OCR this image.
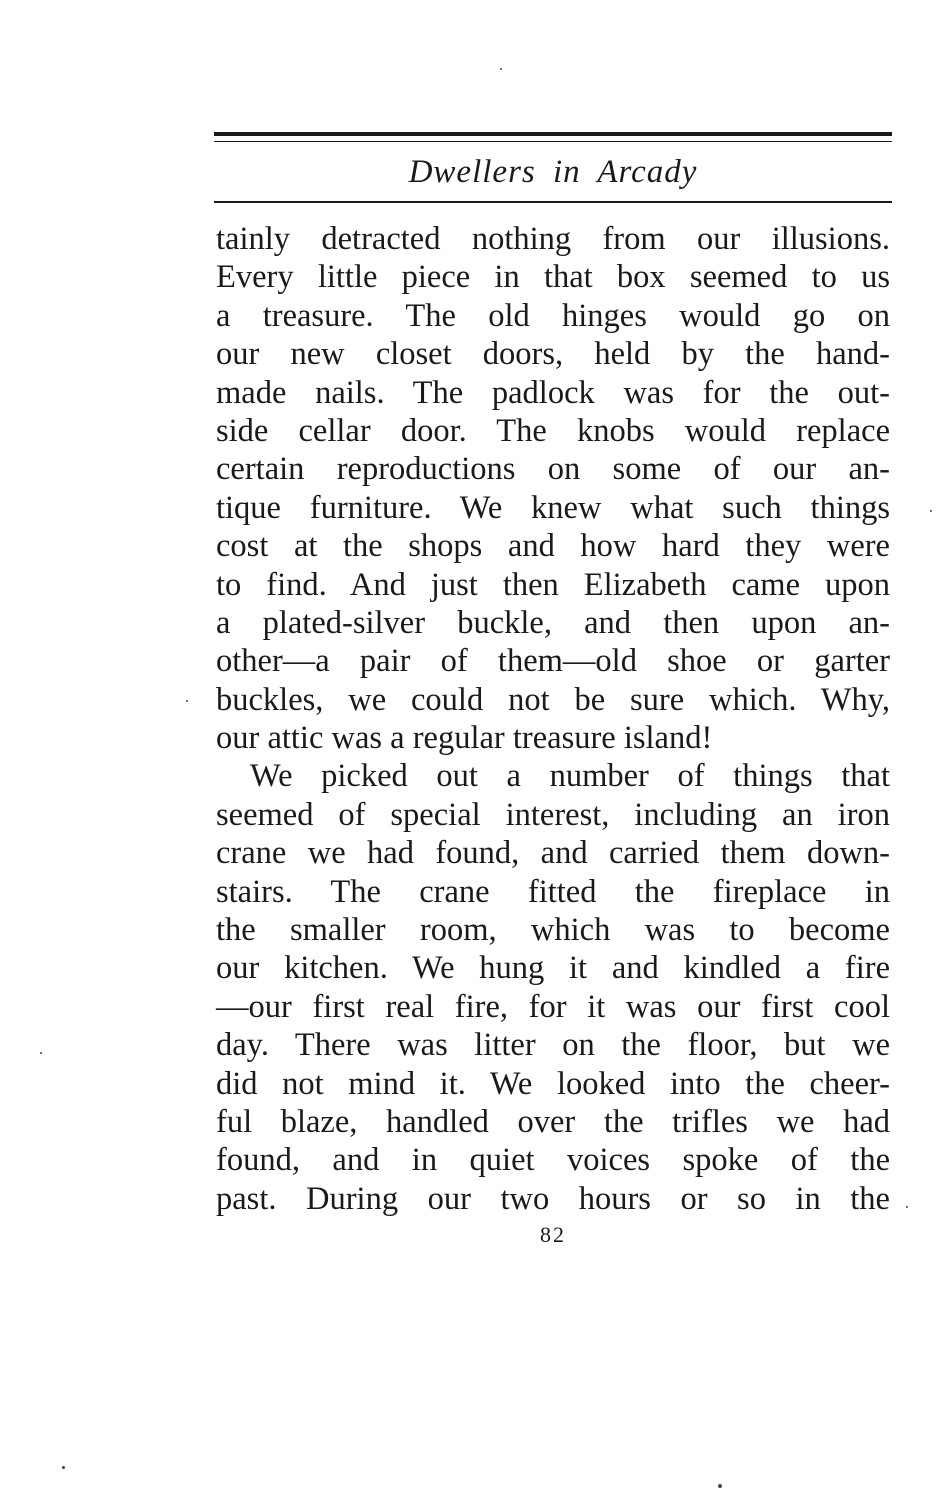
Dwellers in Arcady
tainly detracted nothing from our illusions.
Every little piece in that box seemed to us
a treasure. The old hinges would go on
our new closet doors, held by the hand-
made nails. The padlock was for the out-
side cellar door. The knobs would replace
certain reproductions on some of our an-
tique furniture. We knew what such things
cost at the shops and how hard they were
to find. And just then Elizabeth came upon
a plated-silver buckle, and then upon an-
other—a pair of them—old shoe or garter
buckles, we could not be sure which. Why,
our attic was a regular treasure island!
We picked out a number of things that
seemed of special interest, including an iron
crane we had found, and carried them down-
stairs. The crane fitted the fireplace in
the smaller room, which was to become
our kitchen. We hung it and kindled a fire
—our first real fire, for it was our first cool
day. There was litter on the floor, but we
did not mind it. We looked into the cheer-
ful blaze, handled over the trifles we had
found, and in quiet voices spoke of the
past. During our two hours or so in the
82
